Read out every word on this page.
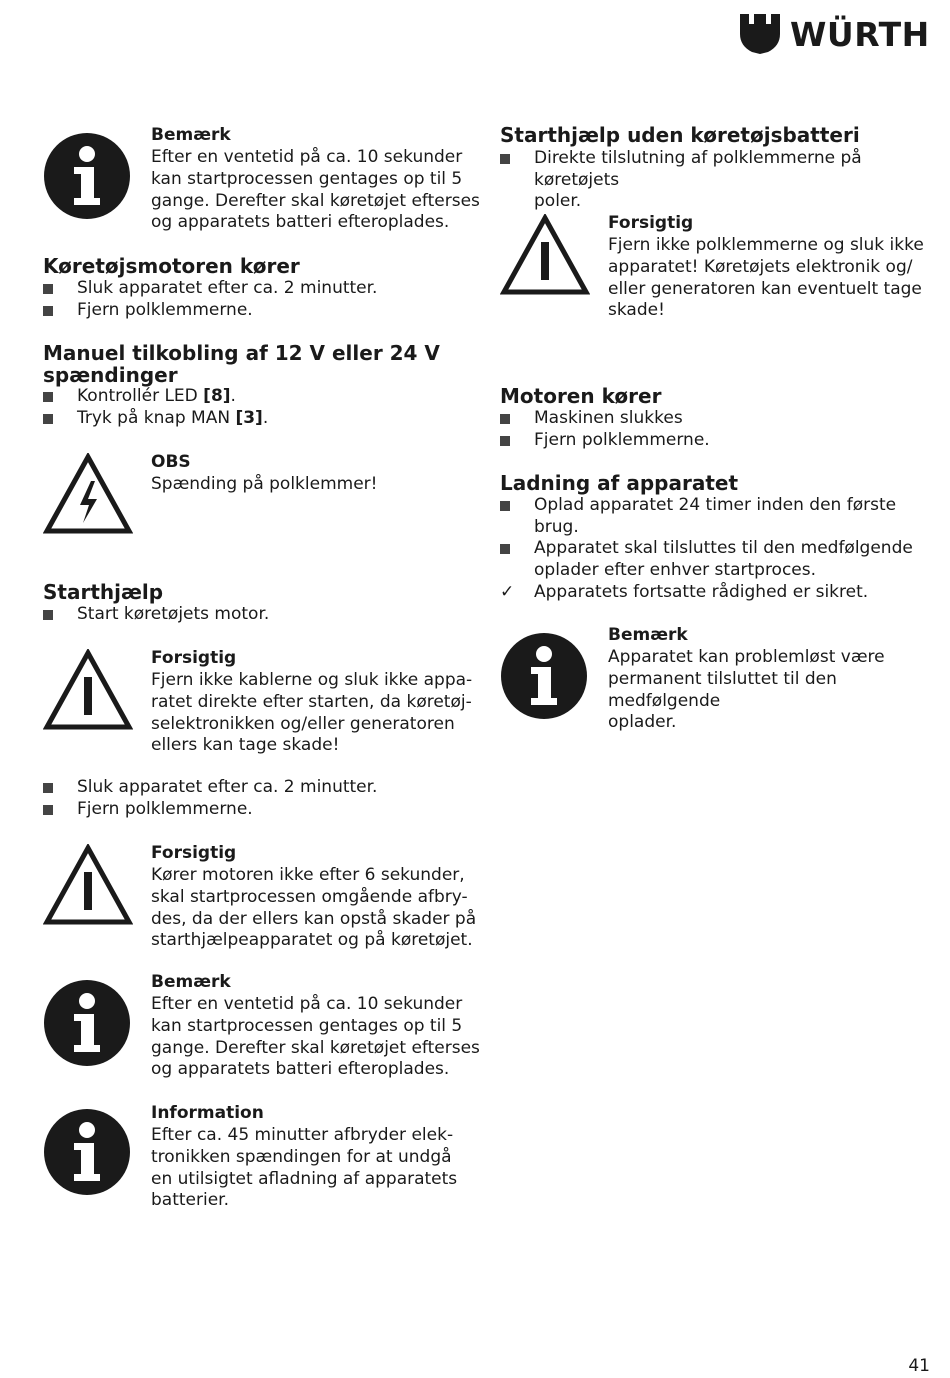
WÜRTH
Bemærk
Efter en ventetid på ca. 10 sekunder
kan startprocessen gentages op til 5
gange. Derefter skal køretøjet efterses
og apparatets batteri efteroplades.
Køretøjsmotoren kører
Sluk apparatet efter ca. 2 minutter.
Fjern polklemmerne.
Manuel tilkobling af 12 V eller 24 V
spændinger
Kontrollér LED [8].
Tryk på knap MAN [3].
OBS
Spænding på polklemmer!
Starthjælp
Start køretøjets motor.
Forsigtig
Fjern ikke kablerne og sluk ikke appa-
ratet direkte efter starten, da køretøj-
selektronikken og/eller generatoren
ellers kan tage skade!
Sluk apparatet efter ca. 2 minutter.
Fjern polklemmerne.
Forsigtig
Kører motoren ikke efter 6 sekunder,
skal startprocessen omgående afbry-
des, da der ellers kan opstå skader på
starthjælpeapparatet og på køretøjet.
Bemærk
Efter en ventetid på ca. 10 sekunder
kan startprocessen gentages op til 5
gange. Derefter skal køretøjet efterses
og apparatets batteri efteroplades.
Information
Efter ca. 45 minutter afbryder elek-
tronikken spændingen for at undgå
en utilsigtet afladning af apparatets
batterier.
Starthjælp uden køretøjsbatteri
Direkte tilslutning af polklemmerne på køretøjets
poler.
Forsigtig
Fjern ikke polklemmerne og sluk ikke
apparatet! Køretøjets elektronik og/
eller generatoren kan eventuelt tage
skade!
Motoren kører
Maskinen slukkes
Fjern polklemmerne.
Ladning af apparatet
Oplad apparatet 24 timer inden den første
brug.
Apparatet skal tilsluttes til den medfølgende
oplader efter enhver startproces.
✓ Apparatets fortsatte rådighed er sikret.
Bemærk
Apparatet kan problemløst være
permanent tilsluttet til den medfølgende
oplader.
41
